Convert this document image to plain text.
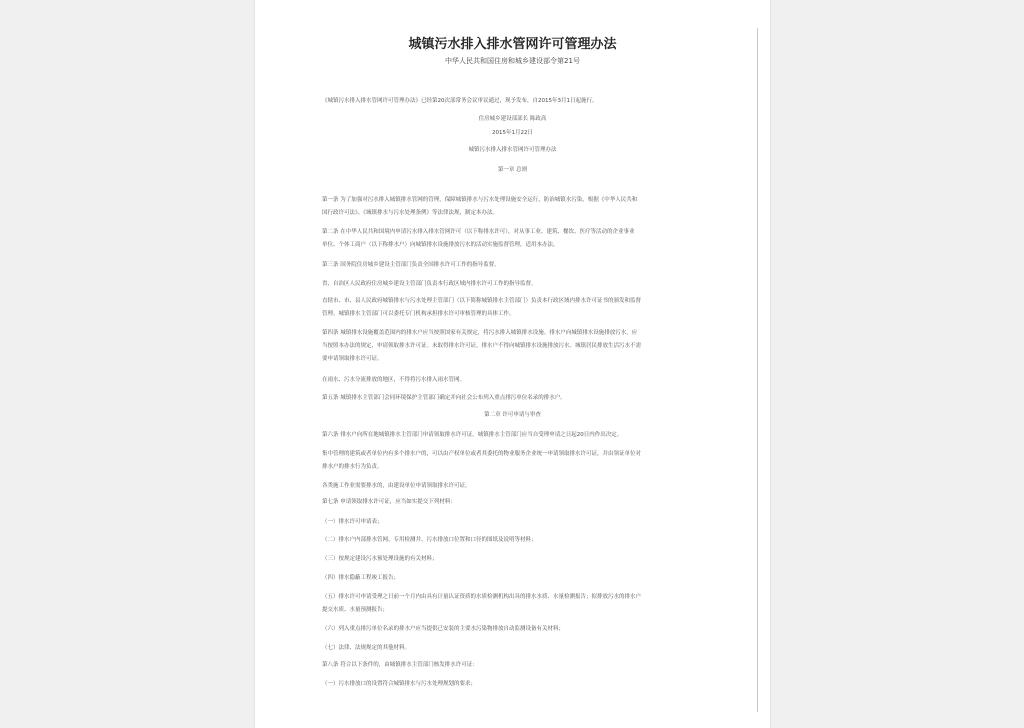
城镇污水排入排水管网许可管理办法
中华人民共和国住房和城乡建设部令第21号
《城镇污水排入排水管网许可管理办法》已经第20次部常务会议审议通过，现予发布，自2015年3月1日起施行。
住房城乡建设部部长 陈政高
2015年1月22日
城镇污水排入排水管网许可管理办法
第一章 总则
第一条 为了加强对污水排入城镇排水管网的管理，保障城镇排水与污水处理设施安全运行，防治城镇水污染，根据《中华人民共和
国行政许可法》、《城镇排水与污水处理条例》等法律法规，制定本办法。
第二条 在中华人民共和国境内申请污水排入排水管网许可（以下称排水许可），对从事工业、建筑、餐饮、医疗等活动的企业事业
单位、个体工商户（以下称排水户）向城镇排水设施排放污水的活动实施监督管理，适用本办法。
第三条 国务院住房城乡建设主管部门负责全国排水许可工作的指导监督。
省、自治区人民政府住房城乡建设主管部门负责本行政区域内排水许可工作的指导监督。
直辖市、市、县人民政府城镇排水与污水处理主管部门（以下简称城镇排水主管部门）负责本行政区域内排水许可证书的颁发和监督
管理。城镇排水主管部门可以委托专门机构承担排水许可审核管理的具体工作。
第四条 城镇排水设施覆盖范围内的排水户应当按照国家有关规定，将污水排入城镇排水设施。排水户向城镇排水设施排放污水，应
当按照本办法的规定，申请领取排水许可证。未取得排水许可证，排水户不得向城镇排水设施排放污水。城镇居民排放生活污水不需
要申请领取排水许可证。
在雨水、污水分流排放的地区，不得将污水排入雨水管网。
第五条 城镇排水主管部门会同环境保护主管部门确定并向社会公布列入重点排污单位名录的排水户。
第二章 许可申请与审查
第六条 排水户向所在地城镇排水主管部门申请领取排水许可证。城镇排水主管部门应当自受理申请之日起20日内作出决定。
集中管理的建筑或者单位内有多个排水户的，可以由产权单位或者其委托的物业服务企业统一申请领取排水许可证，并由领证单位对
排水户的排水行为负责。
各类施工作业需要排水的，由建设单位申请领取排水许可证。
第七条 申请领取排水许可证，应当如实提交下列材料：
（一）排水许可申请表；
（二）排水户内部排水管网、专用检测井、污水排放口位置和口径的图纸及说明等材料；
（三）按规定建设污水预处理设施的有关材料；
（四）排水隐蔽工程竣工报告；
（五）排水许可申请受理之日前一个月内由具有计量认证资质的水质检测机构出具的排水水质、水量检测报告；拟排放污水的排水户
提交水质、水量预测报告；
（六）列入重点排污单位名录的排水户应当提供已安装的主要水污染物排放自动监测设备有关材料；
（七）法律、法规规定的其他材料。
第八条 符合以下条件的，由城镇排水主管部门核发排水许可证：
（一）污水排放口的设置符合城镇排水与污水处理规划的要求；
